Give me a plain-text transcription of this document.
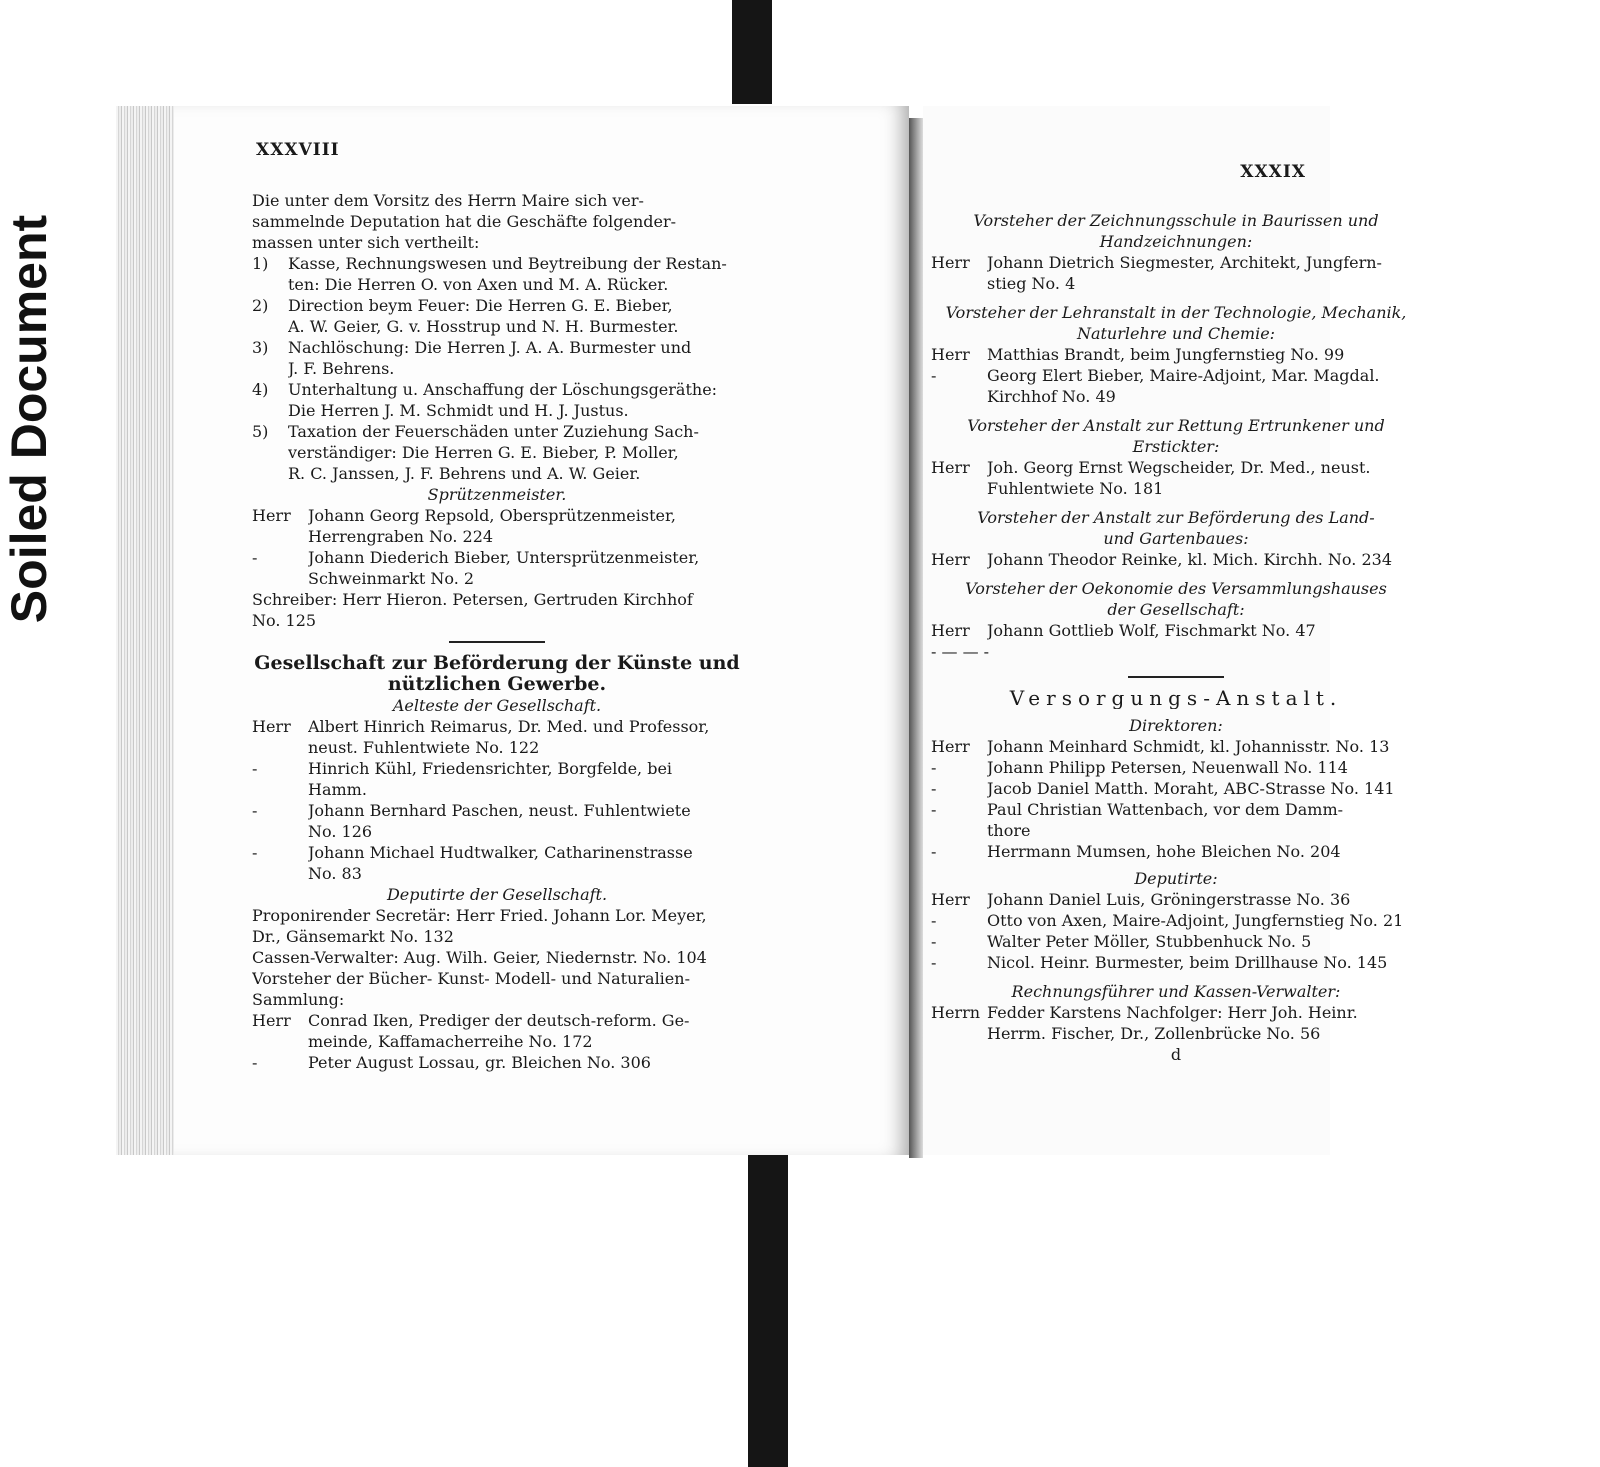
Soiled Document
XXXVIII

Die unter dem Vorsitz des Herrn Maire sich ver-

sammelnde Deputation hat die Geschäfte folgender-

massen unter sich vertheilt:

1)	Kasse, Rechnungswesen und Beytreibung der Restan-

ten: Die Herren O. von Axen und M. A. Rücker.

2)	Direction beym Feuer: Die Herren G. E. Bieber,

A. W. Geier, G. v. Hosstrup und N. H. Burmester.

3)	Nachlöschung: Die Herren J. A. A. Burmester und

J. F. Behrens.

4)	Unterhaltung u. Anschaffung der Löschungsgeräthe:

Die Herren J. M. Schmidt und H. J. Justus.

5)	Taxation der Feuerschäden unter Zuziehung Sach-

verständiger: Die Herren G. E. Bieber, P. Moller,

R. C. Janssen, J. F. Behrens und A. W. Geier.

Sprützenmeister.

Herr	Johann Georg Repsold, Obersprützenmeister,

Herrengraben No. 224

-	Johann Diederich Bieber, Untersprützenmeister,

Schweinmarkt No. 2

Schreiber: Herr Hieron. Petersen, Gertruden Kirchhof

No. 125

Gesellschaft zur Beförderung der Künste und

nützlichen Gewerbe.

Aelteste der Gesellschaft.

Herr	Albert Hinrich Reimarus, Dr. Med. und Professor,

neust. Fuhlentwiete No. 122

-	Hinrich Kühl, Friedensrichter, Borgfelde, bei

Hamm.

-	Johann Bernhard Paschen, neust. Fuhlentwiete

No. 126

-	Johann Michael Hudtwalker, Catharinenstrasse

No. 83

Deputirte der Gesellschaft.

Proponirender Secretär: Herr Fried. Johann Lor. Meyer,

Dr., Gänsemarkt No. 132

Cassen-Verwalter: Aug. Wilh. Geier, Niedernstr. No. 104

Vorsteher der Bücher- Kunst- Modell- und Naturalien-

Sammlung:

Herr	Conrad Iken, Prediger der deutsch-reform. Ge-

meinde, Kaffamacherreihe No. 172

-	Peter August Lossau, gr. Bleichen No. 306

XXXIX

Vorsteher der Zeichnungsschule in Baurissen und

Handzeichnungen:

Herr	Johann Dietrich Siegmester, Architekt, Jungfern-

stieg No. 4

Vorsteher der Lehranstalt in der Technologie, Mechanik,

Naturlehre und Chemie:

Herr	Matthias Brandt, beim Jungfernstieg No. 99

-	Georg Elert Bieber, Maire-Adjoint, Mar. Magdal.

Kirchhof No. 49

Vorsteher der Anstalt zur Rettung Ertrunkener und

Erstickter:

Herr	Joh. Georg Ernst Wegscheider, Dr. Med., neust.

Fuhlentwiete No. 181

Vorsteher der Anstalt zur Beförderung des Land-

und Gartenbaues:

Herr	Johann Theodor Reinke, kl. Mich. Kirchh. No. 234

Vorsteher der Oekonomie des Versammlungshauses

der Gesellschaft:

Herr	Johann Gottlieb Wolf, Fischmarkt No. 47

- — — -

Versorgungs-Anstalt.

Direktoren:

Herr	Johann Meinhard Schmidt, kl. Johannisstr. No. 13

-	Johann Philipp Petersen, Neuenwall No. 114

-	Jacob Daniel Matth. Moraht, ABC-Strasse No. 141

-	Paul Christian Wattenbach, vor dem Damm-

thore

-	Herrmann Mumsen, hohe Bleichen No. 204

Deputirte:

Herr	Johann Daniel Luis, Gröningerstrasse No. 36

-	Otto von Axen, Maire-Adjoint, Jungfernstieg No. 21

-	Walter Peter Möller, Stubbenhuck No. 5

-	Nicol. Heinr. Burmester, beim Drillhause No. 145

Rechnungsführer und Kassen-Verwalter:

Herrn Fedder Karstens Nachfolger: Herr Joh. Heinr.

Herrm. Fischer, Dr., Zollenbrücke No. 56

d
